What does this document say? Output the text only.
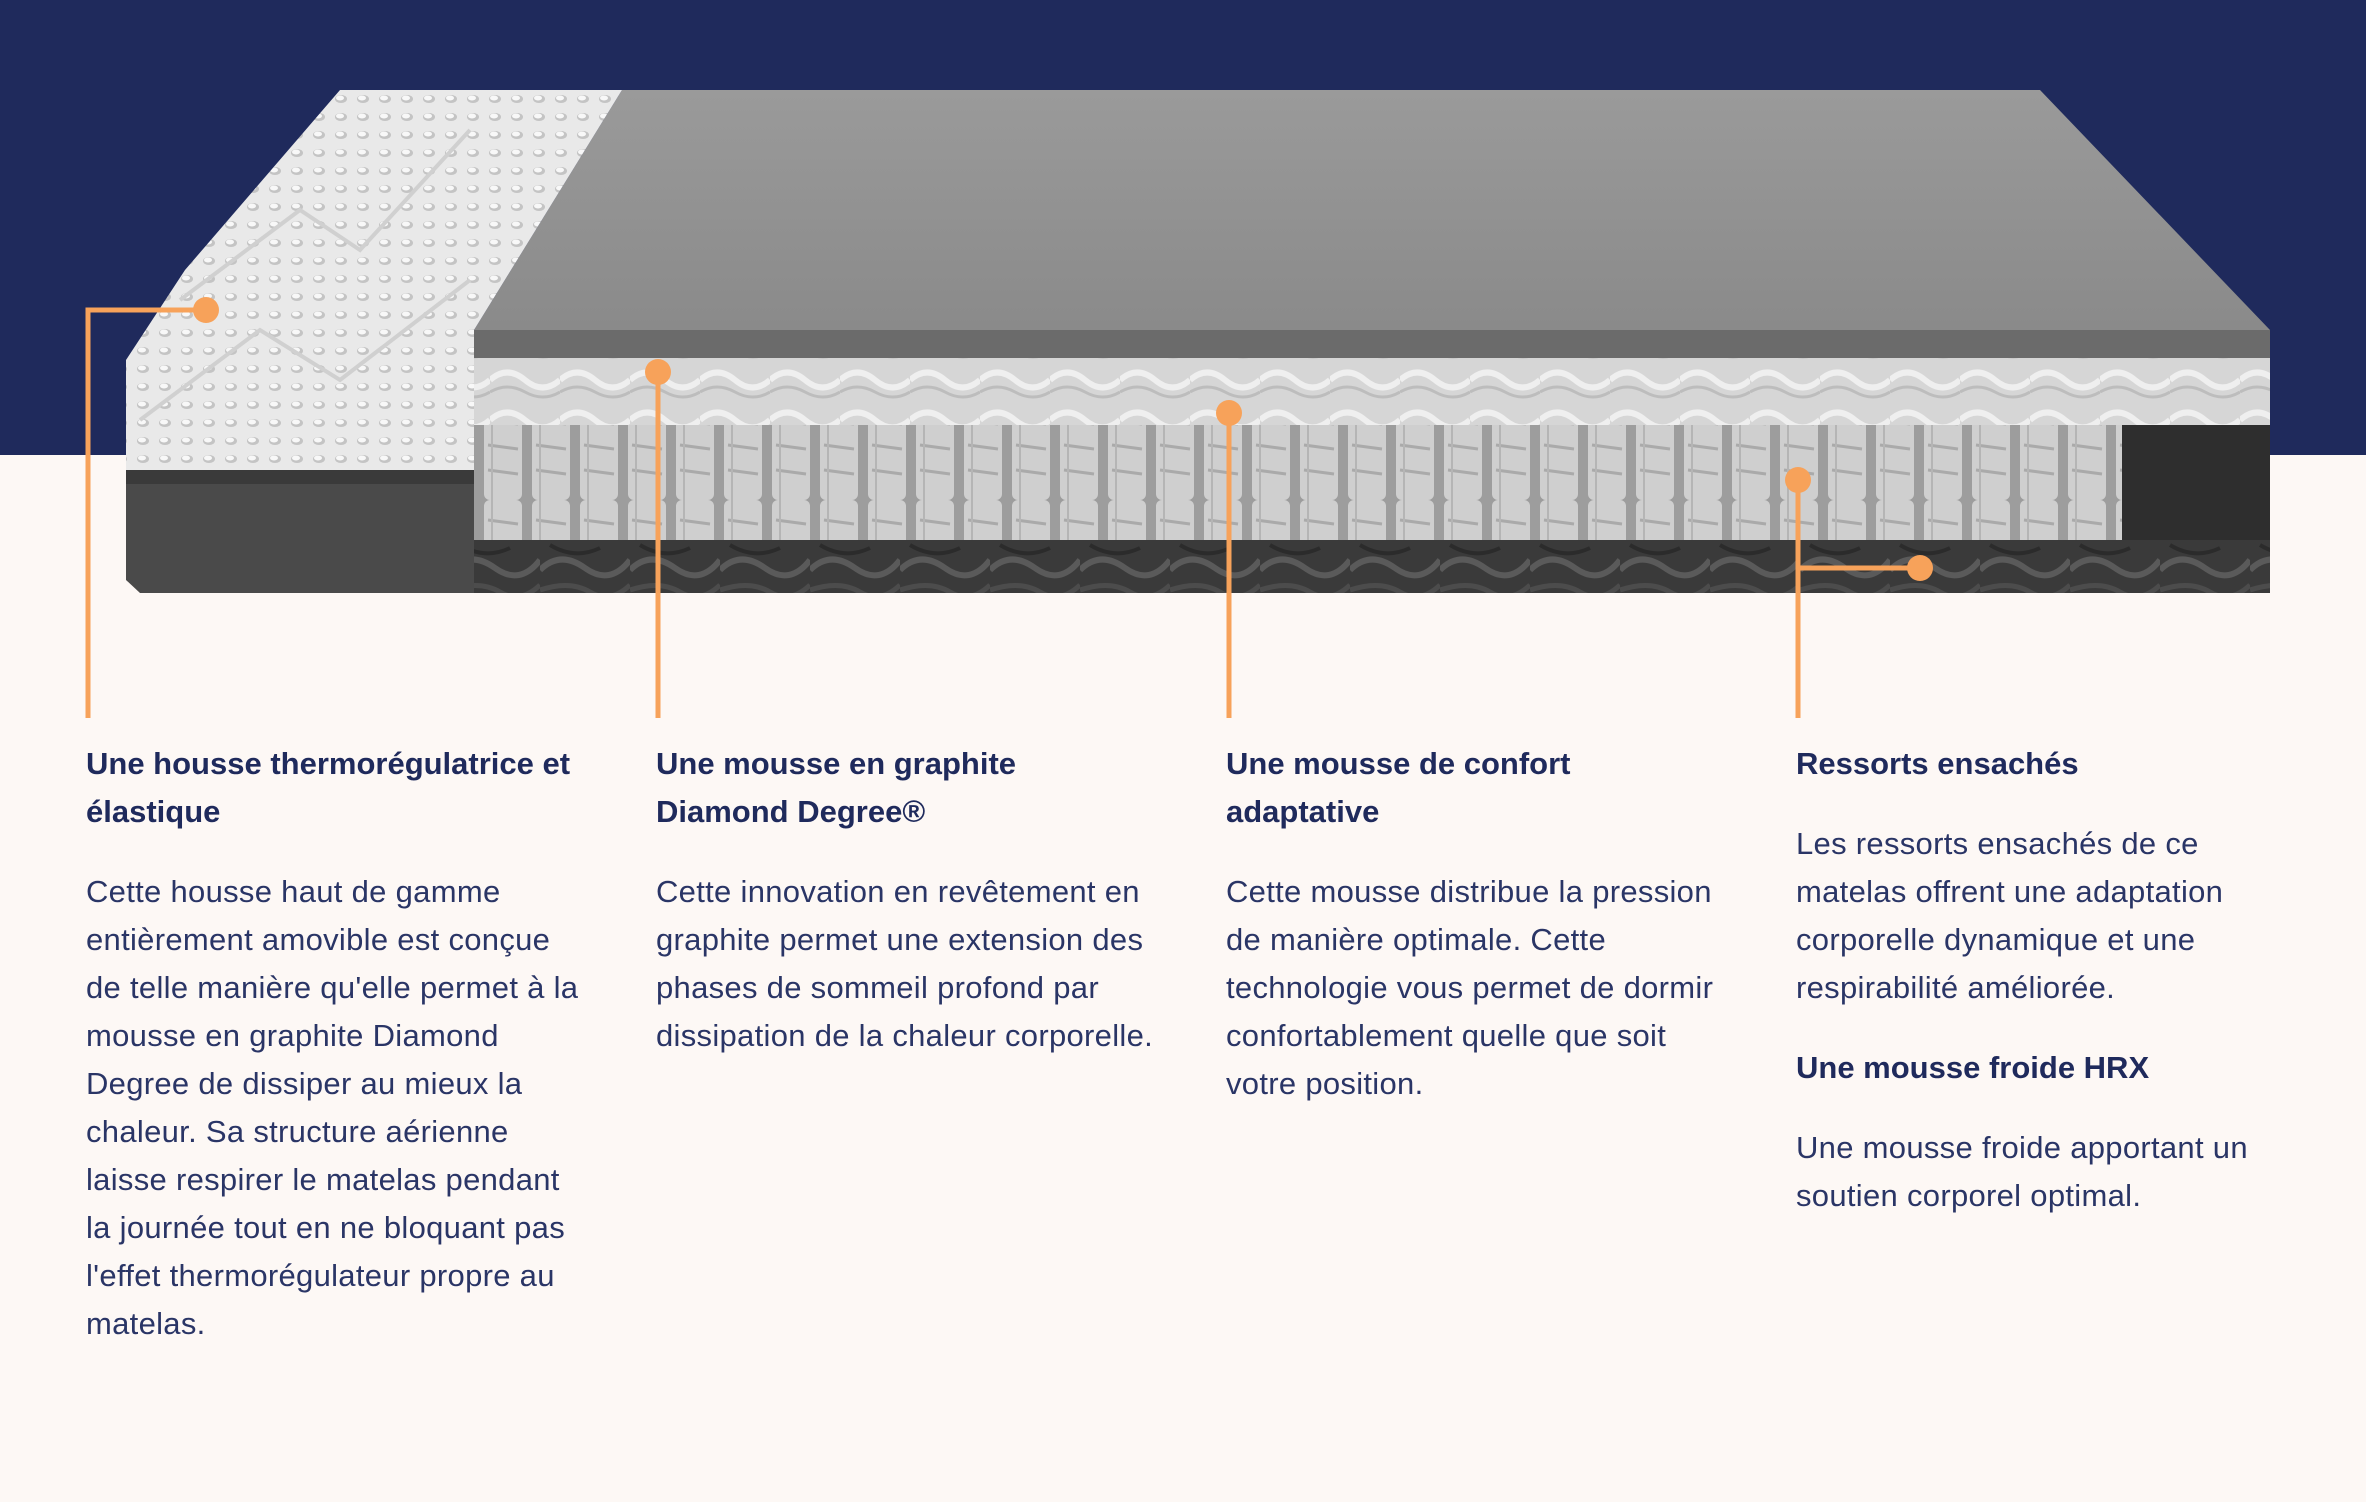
Une housse thermorégulatrice et élastique

Cette housse haut de gamme entièrement amovible est conçue de telle manière qu'elle permet à la mousse en graphite Diamond Degree de dissiper au mieux la chaleur. Sa structure aérienne laisse respirer le matelas pendant la journée tout en ne bloquant pas l'effet thermorégulateur propre au matelas.

Une mousse en graphite Diamond Degree®

Cette innovation en revêtement en graphite permet une extension des phases de sommeil profond par dissipation de la chaleur corporelle.

Une mousse de confort adaptative

Cette mousse distribue la pression de manière optimale. Cette technologie vous permet de dormir confortablement quelle que soit votre position.

Ressorts ensachés

Les ressorts ensachés de ce matelas offrent une adaptation corporelle dynamique et une respirabilité améliorée.

Une mousse froide HRX

Une mousse froide apportant un soutien corporel optimal.
